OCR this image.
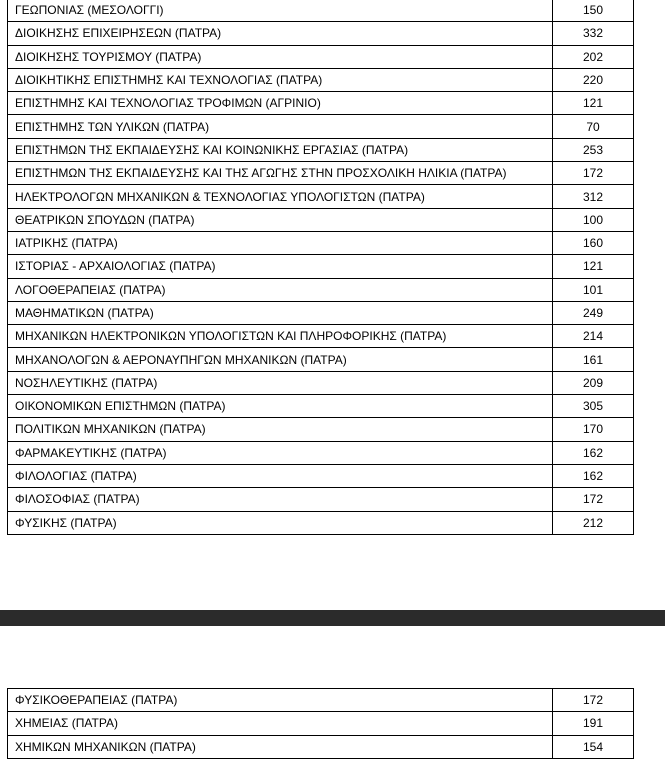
ΓΕΩΠΟΝΙΑΣ (ΜΕΣΟΛΟΓΓΙ)	150
ΔΙΟΙΚΗΣΗΣ ΕΠΙΧΕΙΡΗΣΕΩΝ (ΠΑΤΡΑ)	332
ΔΙΟΙΚΗΣΗΣ ΤΟΥΡΙΣΜΟΥ (ΠΑΤΡΑ)	202
ΔΙΟΙΚΗΤΙΚΗΣ ΕΠΙΣΤΗΜΗΣ ΚΑΙ ΤΕΧΝΟΛΟΓΙΑΣ (ΠΑΤΡΑ)	220
ΕΠΙΣΤΗΜΗΣ ΚΑΙ ΤΕΧΝΟΛΟΓΙΑΣ ΤΡΟΦΙΜΩΝ (ΑΓΡΙΝΙΟ)	121
ΕΠΙΣΤΗΜΗΣ ΤΩΝ ΥΛΙΚΩΝ (ΠΑΤΡΑ)	70
ΕΠΙΣΤΗΜΩΝ ΤΗΣ ΕΚΠΑΙΔΕΥΣΗΣ ΚΑΙ ΚΟΙΝΩΝΙΚΗΣ ΕΡΓΑΣΙΑΣ (ΠΑΤΡΑ)	253
ΕΠΙΣΤΗΜΩΝ ΤΗΣ ΕΚΠΑΙΔΕΥΣΗΣ ΚΑΙ ΤΗΣ ΑΓΩΓΗΣ ΣΤΗΝ ΠΡΟΣΧΟΛΙΚΗ ΗΛΙΚΙΑ (ΠΑΤΡΑ)	172
ΗΛΕΚΤΡΟΛΟΓΩΝ ΜΗΧΑΝΙΚΩΝ & ΤΕΧΝΟΛΟΓΙΑΣ ΥΠΟΛΟΓΙΣΤΩΝ (ΠΑΤΡΑ)	312
ΘΕΑΤΡΙΚΩΝ ΣΠΟΥΔΩΝ (ΠΑΤΡΑ)	100
ΙΑΤΡΙΚΗΣ (ΠΑΤΡΑ)	160
ΙΣΤΟΡΙΑΣ - ΑΡΧΑΙΟΛΟΓΙΑΣ (ΠΑΤΡΑ)	121
ΛΟΓΟΘΕΡΑΠΕΙΑΣ (ΠΑΤΡΑ)	101
ΜΑΘΗΜΑΤΙΚΩΝ (ΠΑΤΡΑ)	249
ΜΗΧΑΝΙΚΩΝ ΗΛΕΚΤΡΟΝΙΚΩΝ ΥΠΟΛΟΓΙΣΤΩΝ ΚΑΙ ΠΛΗΡΟΦΟΡΙΚΗΣ (ΠΑΤΡΑ)	214
ΜΗΧΑΝΟΛΟΓΩΝ & ΑΕΡΟΝΑΥΠΗΓΩΝ ΜΗΧΑΝΙΚΩΝ (ΠΑΤΡΑ)	161
ΝΟΣΗΛΕΥΤΙΚΗΣ (ΠΑΤΡΑ)	209
ΟΙΚΟΝΟΜΙΚΩΝ ΕΠΙΣΤΗΜΩΝ (ΠΑΤΡΑ)	305
ΠΟΛΙΤΙΚΩΝ ΜΗΧΑΝΙΚΩΝ (ΠΑΤΡΑ)	170
ΦΑΡΜΑΚΕΥΤΙΚΗΣ (ΠΑΤΡΑ)	162
ΦΙΛΟΛΟΓΙΑΣ (ΠΑΤΡΑ)	162
ΦΙΛΟΣΟΦΙΑΣ (ΠΑΤΡΑ)	172
ΦΥΣΙΚΗΣ (ΠΑΤΡΑ)	212
ΦΥΣΙΚΟΘΕΡΑΠΕΙΑΣ (ΠΑΤΡΑ)	172
ΧΗΜΕΙΑΣ (ΠΑΤΡΑ)	191
ΧΗΜΙΚΩΝ ΜΗΧΑΝΙΚΩΝ (ΠΑΤΡΑ)	154
